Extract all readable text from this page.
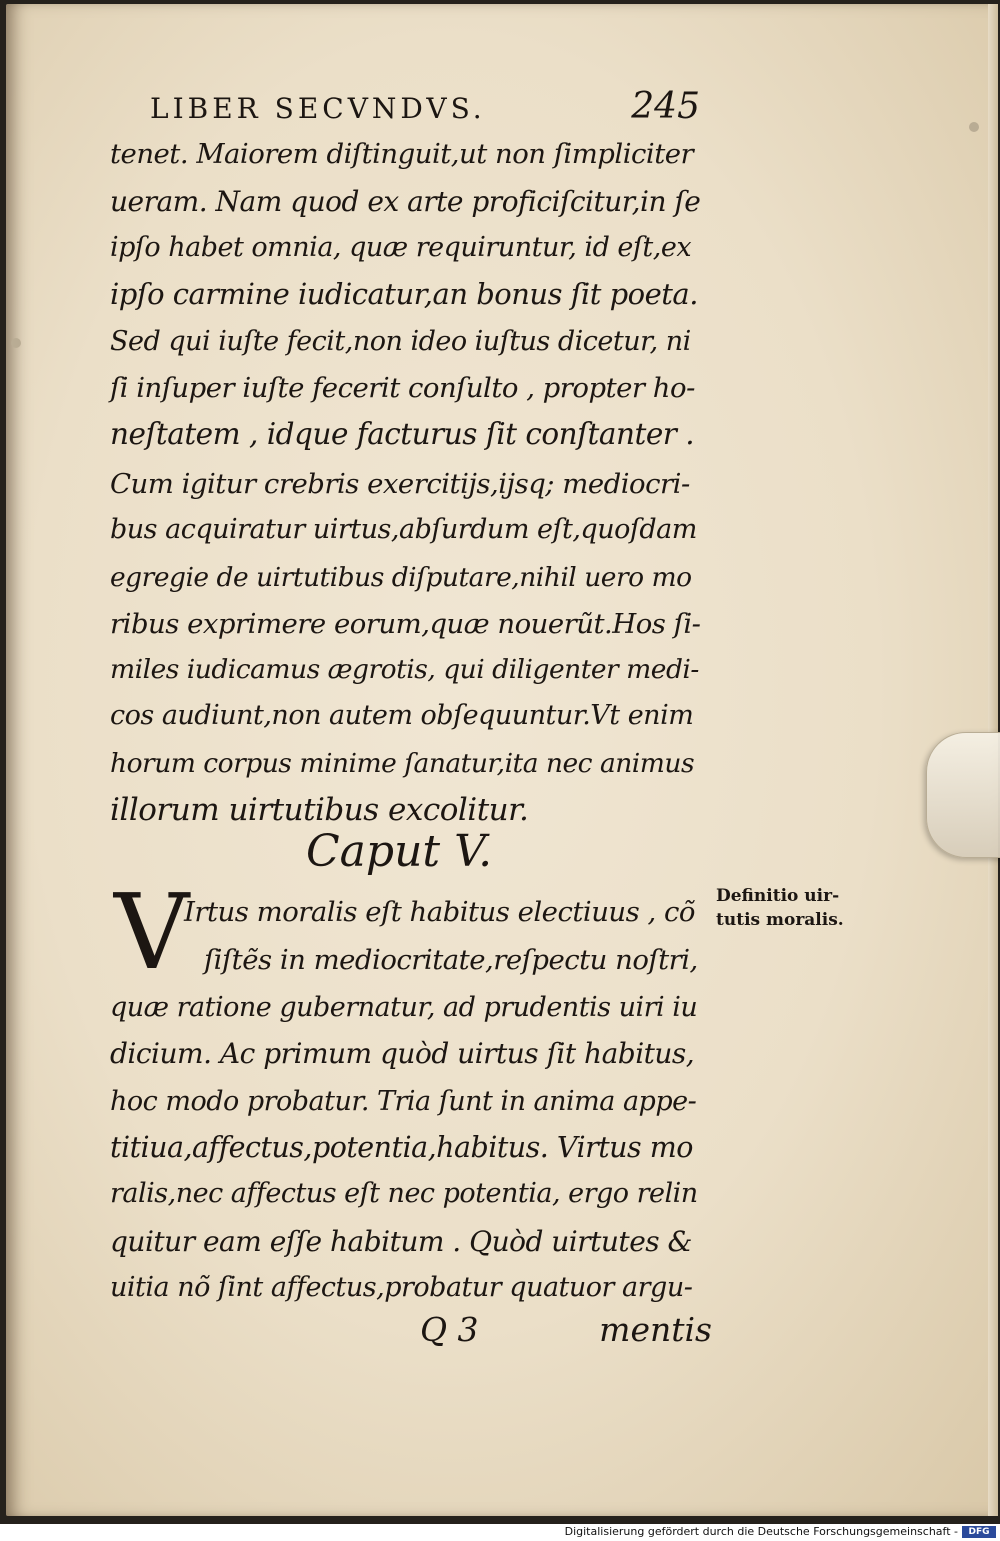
LIBER SECVNDVS.	245
tenet. Maiorem diſtinguit,ut non ſimpliciter
ueram. Nam quod ex arte proficiſcitur,in ſe
ipſo habet omnia, quæ requiruntur, id eſt,ex
ipſo carmine iudicatur,an bonus ſit poeta.
Sed qui iuſte fecit,non ideo iuſtus dicetur, ni
ſi inſuper iuſte fecerit conſulto , propter ho-
neſtatem , idque facturus ſit conſtanter .
Cum igitur crebris exercitijs,ijsq; mediocri-
bus acquiratur uirtus,abſurdum eſt,quoſdam
egregie de uirtutibus diſputare,nihil uero mo
ribus exprimere eorum,quæ nouerũt.Hos ſi-
miles iudicamus ægrotis, qui diligenter medi-
cos audiunt,non autem obſequuntur.Vt enim
horum corpus minime ſanatur,ita nec animus
illorum uirtutibus excolitur.
Caput V.
V
Irtus moralis eſt habitus electiuus , cõ
ſiſtẽs in mediocritate,reſpectu noſtri,
quæ ratione gubernatur, ad prudentis uiri iu
dicium. Ac primum quòd uirtus ſit habitus,
hoc modo probatur. Tria ſunt in anima appe-
titiua,affectus,potentia,habitus. Virtus mo
ralis,nec affectus eſt nec potentia, ergo relin
quitur eam eſſe habitum . Quòd uirtutes &
uitia nõ ſint affectus,probatur quatuor argu-
Definitio uir- tutis moralis.
Q 3	mentis
Digitalisierung gefördert durch die Deutsche Forschungsgemeinschaft -	DFG
